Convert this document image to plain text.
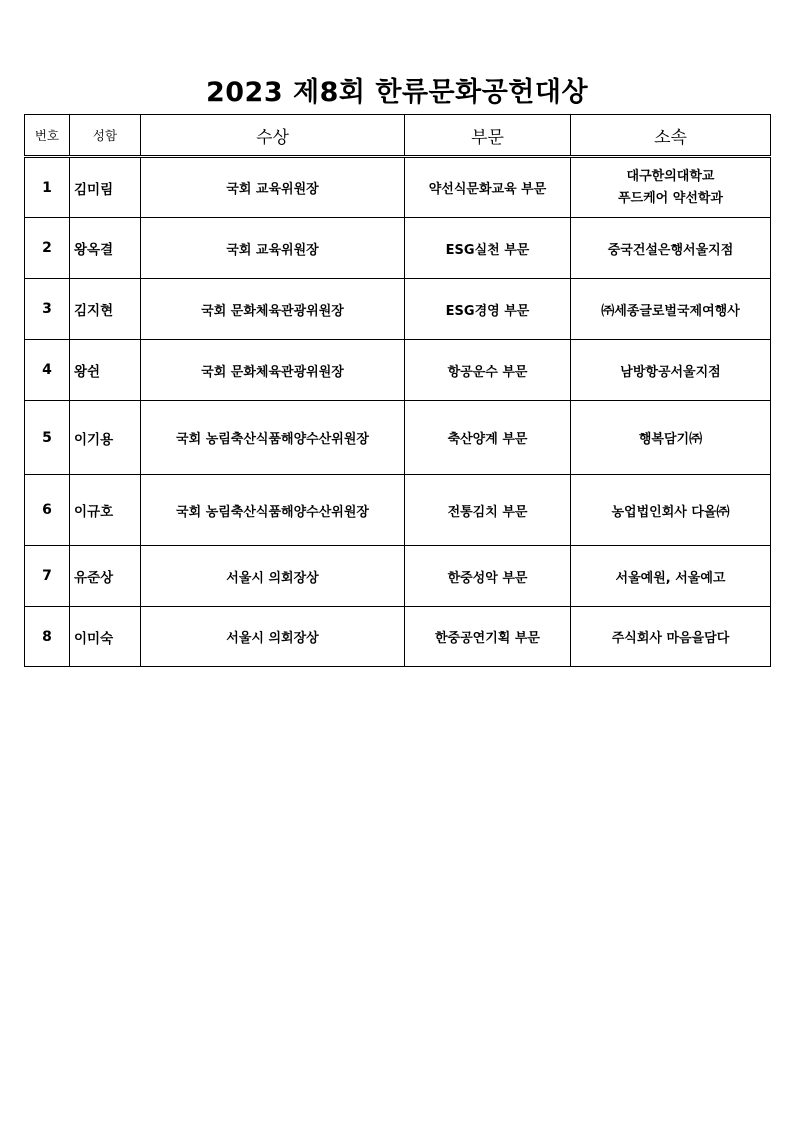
2023 제8회 한류문화공헌대상
번호	성함	수상	부문	소속
1	김미림	국회 교육위원장	약선식문화교육 부문	대구한의대학교
푸드케어 약선학과

2	왕옥결	국회 교육위원장	ESG실천 부문	중국건설은행서울지점
3	김지현	국회 문화체육관광위원장	ESG경영 부문	㈜세종글로벌국제여행사
4	왕쉰	국회 문화체육관광위원장	항공운수 부문	남방항공서울지점
5	이기용	국회 농림축산식품해양수산위원장	축산양계 부문	행복담기㈜
6	이규호	국회 농림축산식품해양수산위원장	전통김치 부문	농업법인회사 다올㈜
7	유준상	서울시 의회장상	한중성악 부문	서울예원, 서울예고
8	이미숙	서울시 의회장상	한중공연기획 부문	주식회사 마음을담다
